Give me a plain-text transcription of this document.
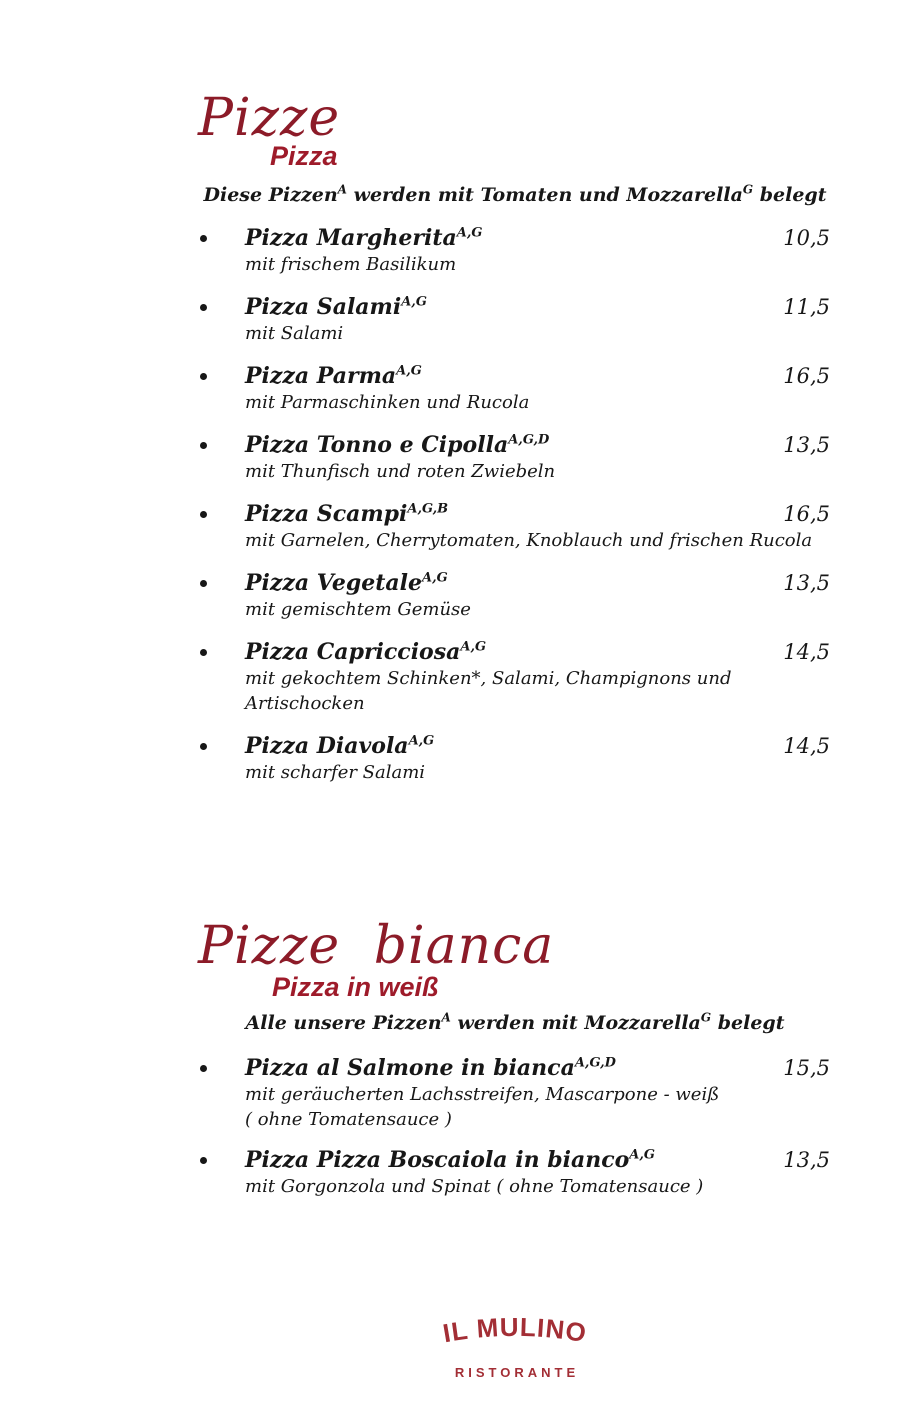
Pizze
Pizza
Diese Pizzen$^A$ werden mit Tomaten und Mozzarella$^G$ belegt
Pizza Margherita$^{A,G}$	10,5
mit frischem Basilikum
Pizza Salami$^{A,G}$	11,5
mit Salami
Pizza Parma$^{A,G}$	16,5
mit Parmaschinken und Rucola
Pizza Tonno e Cipolla$^{A,G,D}$	13,5
mit Thunfisch und roten Zwiebeln
Pizza Scampi$^{A,G,B}$	16,5
mit Garnelen, Cherrytomaten, Knoblauch und frischen Rucola
Pizza Vegetale$^{A,G}$	13,5
mit gemischtem Gemüse
Pizza Capricciosa$^{A,G}$	14,5
mit gekochtem Schinken*, Salami, Champignons und Artischocken
Pizza Diavola$^{A,G}$	14,5
mit scharfer Salami
Pizze bianca
Pizza in weiß
Alle unsere Pizzen$^A$ werden mit Mozzarella$^G$ belegt
Pizza al Salmone in bianca$^{A,G,D}$	15,5
mit geräucherten Lachsstreifen, Mascarpone - weiß
( ohne Tomatensauce )
Pizza Pizza Boscaiola in bianco$^{A,G}$	13,5
mit Gorgonzola und Spinat ( ohne Tomatensauce )
IL MULINO
RISTORANTE
